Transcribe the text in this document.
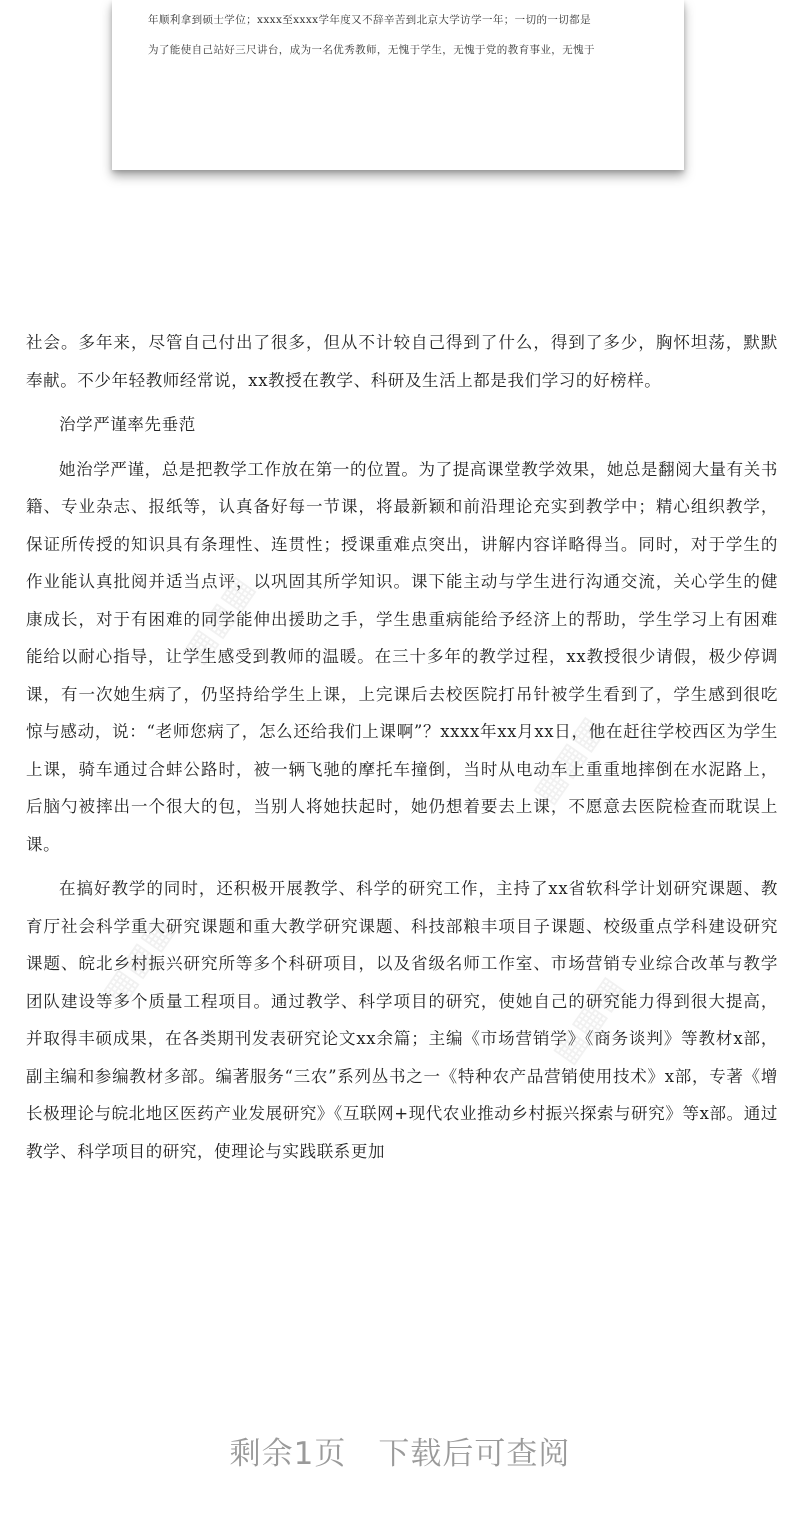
年顺利拿到硕士学位；xxxx至xxxx学年度又不辞辛苦到北京大学访学一年；一切的一切都是
为了能使自己站好三尺讲台，成为一名优秀教师，无愧于学生，无愧于党的教育事业，无愧于
▦▦▦
▦▦▦
▦▦▦
▦▦▦

社会。多年来，尽管自己付出了很多，但从不计较自己得到了什么，得到了多少，胸怀坦荡，默默奉献。不少年轻教师经常说，xx教授在教学、科研及生活上都是我们学习的好榜样。

治学严谨率先垂范

她治学严谨，总是把教学工作放在第一的位置。为了提高课堂教学效果，她总是翻阅大量有关书籍、专业杂志、报纸等，认真备好每一节课，将最新颖和前沿理论充实到教学中；精心组织教学，保证所传授的知识具有条理性、连贯性；授课重难点突出，讲解内容详略得当。同时，对于学生的作业能认真批阅并适当点评，以巩固其所学知识。课下能主动与学生进行沟通交流，关心学生的健康成长，对于有困难的同学能伸出援助之手，学生患重病能给予经济上的帮助，学生学习上有困难能给以耐心指导，让学生感受到教师的温暖。在三十多年的教学过程，xx教授很少请假，极少停调课，有一次她生病了，仍坚持给学生上课，上完课后去校医院打吊针被学生看到了，学生感到很吃惊与感动，说：“老师您病了，怎么还给我们上课啊”？xxxx年xx月xx日，他在赶往学校西区为学生上课，骑车通过合蚌公路时，被一辆飞驰的摩托车撞倒，当时从电动车上重重地摔倒在水泥路上，后脑勺被摔出一个很大的包，当别人将她扶起时，她仍想着要去上课，不愿意去医院检查而耽误上课。

在搞好教学的同时，还积极开展教学、科学的研究工作，主持了xx省软科学计划研究课题、教育厅社会科学重大研究课题和重大教学研究课题、科技部粮丰项目子课题、校级重点学科建设研究课题、皖北乡村振兴研究所等多个科研项目，以及省级名师工作室、市场营销专业综合改革与教学团队建设等多个质量工程项目。通过教学、科学项目的研究，使她自己的研究能力得到很大提高，并取得丰硕成果，在各类期刊发表研究论文xx余篇；主编《市场营销学》《商务谈判》等教材x部，副主编和参编教材多部。编著服务“三农”系列丛书之一《特种农产品营销使用技术》x部，专著《增长极理论与皖北地区医药产业发展研究》《互联网+现代农业推动乡村振兴探索与研究》等x部。通过教学、科学项目的研究，使理论与实践联系更加

剩余1页　下载后可查阅
